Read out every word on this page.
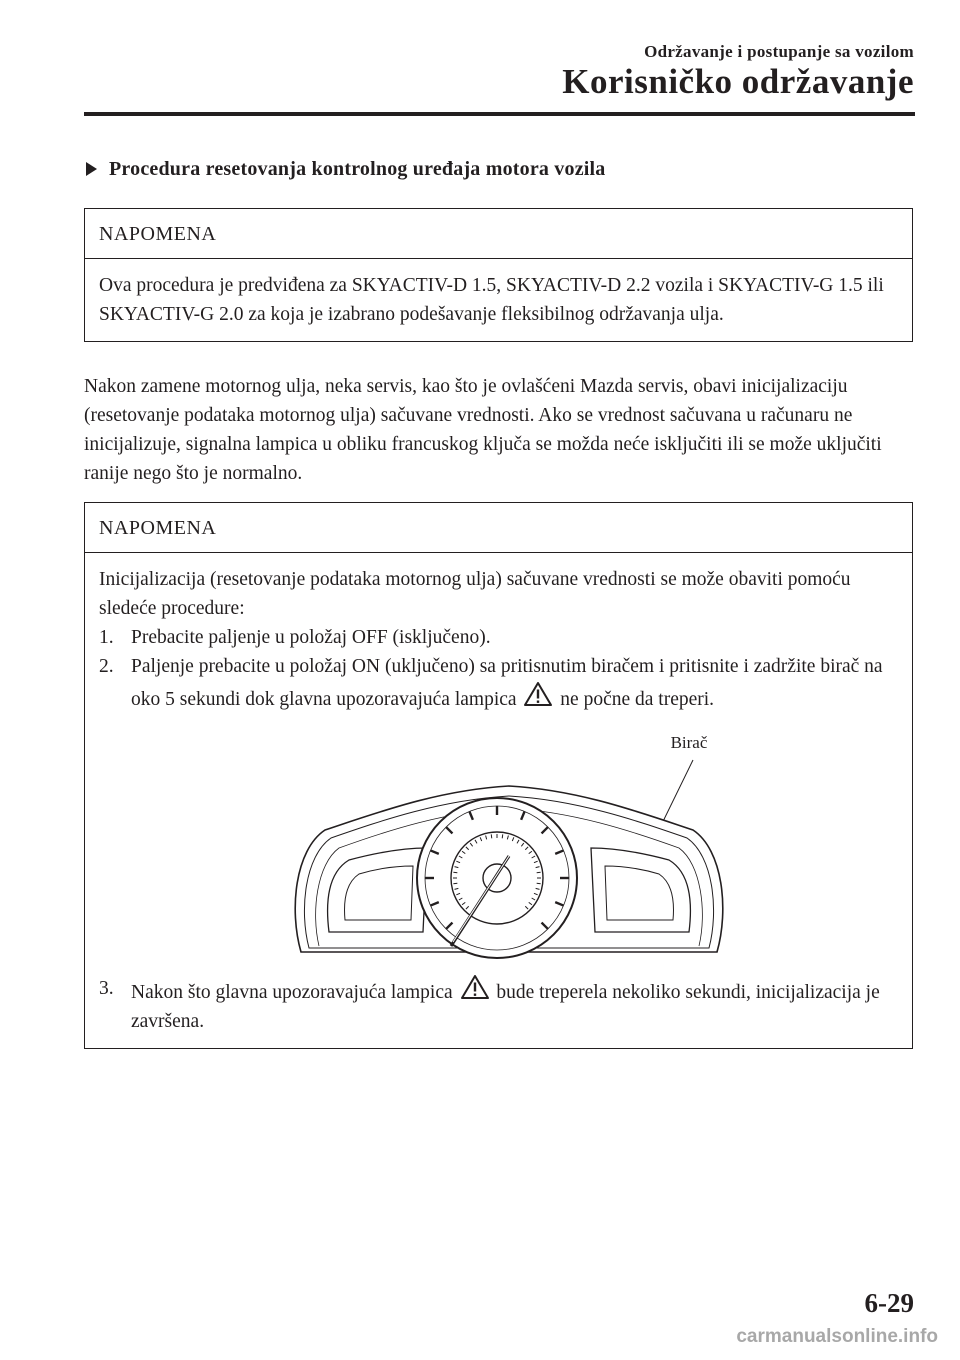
Održavanje i postupanje sa vozilom
Korisničko održavanje
Procedura resetovanja kontrolnog uređaja motora vozila
NAPOMENA
Ova procedura je predviđena za SKYACTIV-D 1.5, SKYACTIV-D 2.2 vozila i SKYACTIV-G 1.5 ili SKYACTIV-G 2.0 za koja je izabrano podešavanje fleksibilnog održavanja ulja.
Nakon zamene motornog ulja, neka servis, kao što je ovlašćeni Mazda servis, obavi inicijalizaciju (resetovanje podataka motornog ulja) sačuvane vrednosti. Ako se vrednost sačuvana u računaru ne inicijalizuje, signalna lampica u obliku francuskog ključa se možda neće isključiti ili se može uključiti ranije nego što je normalno.
NAPOMENA
Inicijalizacija (resetovanje podataka motornog ulja) sačuvane vrednosti se može obaviti pomoću sledeće procedure:
1. Prebacite paljenje u položaj OFF (isključeno).
2. Paljenje prebacite u položaj ON (uključeno) sa pritisnutim biračem i pritisnite i zadržite birač na oko 5 sekundi dok glavna upozoravajuća lampica ne počne da treperi.
Birač
3. Nakon što glavna upozoravajuća lampica bude treperela nekoliko sekundi, inicijalizacija je završena.
6-29
carmanualsonline.info
